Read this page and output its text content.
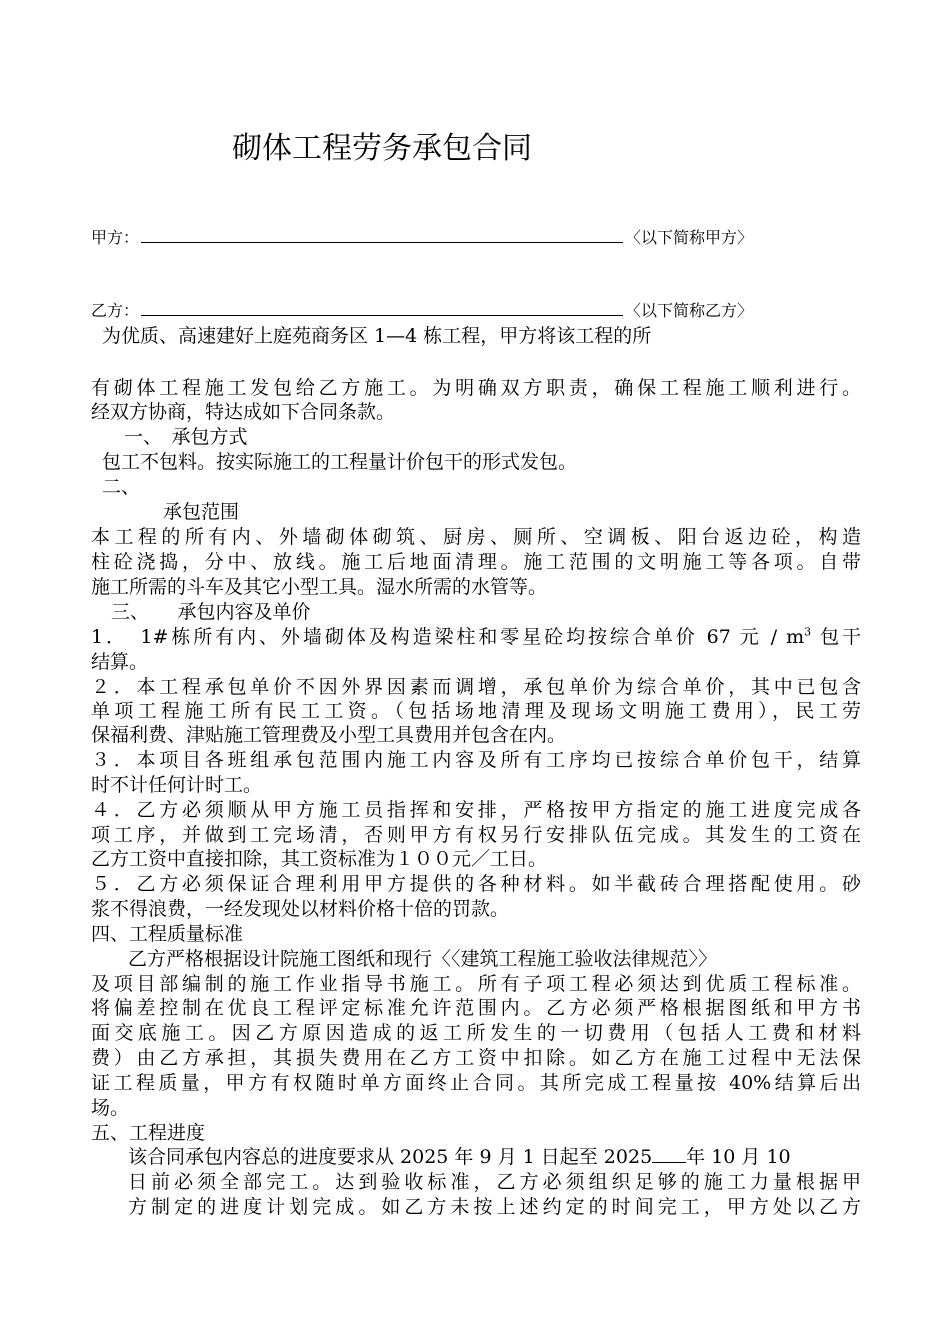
砌体工程劳务承包合同
甲方：	〈以下简称甲方〉
乙方：	〈以下简称乙方〉
为优质、高速建好上庭苑商务区 1—4 栋工程，甲方将该工程的所
有砌体工程施工发包给乙方施工。为明确双方职责，确保工程施工顺利进行。
经双方协商，特达成如下合同条款。
一、　承包方式
包工不包料。按实际施工的工程量计价包干的形式发包。
二、
承包范围
本工程的所有内、外墙砌体砌筑、厨房、厕所、空调板、阳台返边砼，构造
柱砼浇捣，分中、放线。施工后地面清理。施工范围的文明施工等各项。自带
施工所需的斗车及其它小型工具。湿水所需的水管等。
三、　　承包内容及单价
1．　1#栋所有内、外墙砌体及构造梁柱和零星砼均按综合单价 67 元 / $m^3$ 包干
结算。
２．本工程承包单价不因外界因素而调增，承包单价为综合单价，其中已包含
单项工程施工所有民工工资。（包括场地清理及现场文明施工费用），民工劳
保福利费、津贴施工管理费及小型工具费用并包含在内。
３．本项目各班组承包范围内施工内容及所有工序均已按综合单价包干，结算
时不计任何计时工。
４．乙方必须顺从甲方施工员指挥和安排，严格按甲方指定的施工进度完成各
项工序，并做到工完场清，否则甲方有权另行安排队伍完成。其发生的工资在
乙方工资中直接扣除，其工资标准为１００元／工日。
５．乙方必须保证合理利用甲方提供的各种材料。如半截砖合理搭配使用。砂
浆不得浪费，一经发现处以材料价格十倍的罚款。
四、工程质量标准
乙方严格根据设计院施工图纸和现行〈〈建筑工程施工验收法律规范〉〉
及项目部编制的施工作业指导书施工。所有子项工程必须达到优质工程标准。
将偏差控制在优良工程评定标准允许范围内。乙方必须严格根据图纸和甲方书
面交底施工。因乙方原因造成的返工所发生的一切费用（包括人工费和材料
费）由乙方承担，其损失费用在乙方工资中扣除。如乙方在施工过程中无法保
证工程质量，甲方有权随时单方面终止合同。其所完成工程量按 40%结算后出
场。
五、工程进度
该合同承包内容总的进度要求从 2025 年 9 月 1 日起至 2025 年 10 月 10
日前必须全部完工。达到验收标准，乙方必须组织足够的施工力量根据甲
方制定的进度计划完成。如乙方未按上述约定的时间完工，甲方处以乙方
